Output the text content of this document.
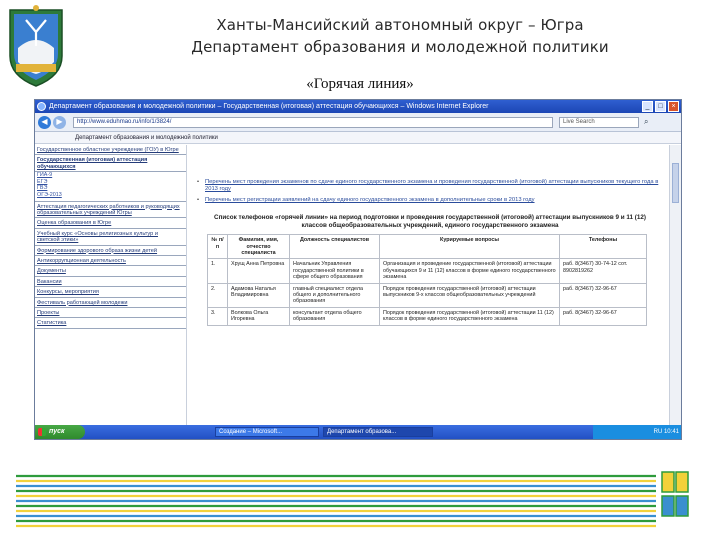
Ханты-Мансийский автономный округ – Югра
Департамент образования и молодежной политики
«Горячая линия»
Департамент образования и молодежной политики – Государственная (итоговая) аттестация обучающихся – Windows Internet Explorer	_	□	×
◀	▶	http://www.eduhmao.ru/info/1/3824/	Live Search	⌕
Департамент образования и молодежной политики
Государственное областное учреждение (ГОУ) в Югре
Государственная (итоговая) аттестация обучающихся
ГИА-9
ЕГЭ
ГВЭ
ОГЭ-2013
Аттестация педагогических работников и руководящих образовательных учреждений Югры
Оценка образования в Югре
Учебный курс «Основы религиозных культур и светской этики»
Формирование здорового образа жизни детей
Антикоррупционная деятельность
Документы
Вакансии
Конкурсы, мероприятия
Фестиваль работающей молодежи
Проекты
Статистика
• Перечень мест проведения экзаменов по сдаче единого государственного экзамена и проведения государственной (итоговой) аттестации выпускников текущего года в 2013 году
• Перечень мест регистрации заявлений на сдачу единого государственного экзамена в дополнительные сроки в 2013 году
Список телефонов «горячей линии» на период подготовки и проведения государственной (итоговой) аттестации выпускников 9 и 11 (12) классов общеобразовательных учреждений, единого государственного экзамена
№ п/п	Фамилия, имя, отчество специалиста	Должность специалистов	Курируемые вопросы	Телефоны
1.	Хрущ Анна Петровна	Начальник Управления государственной политики в сфере общего образования	Организация и проведение государственной (итоговой) аттестации обучающихся 9 и 11 (12) классов в форме единого государственного экзамена	раб. 8(3467) 30-74-12 сот. 8902819262
2.	Адамова Наталья Владимировна	главный специалист отдела общего и дополнительного образования	Порядок проведения государственной (итоговой) аттестации выпускников 9-х классов общеобразовательных учреждений	раб. 8(3467) 32-96-67
3.	Волкова Ольга Игоревна	консультант отдела общего образования	Порядок проведения государственной (итоговой) аттестации 11 (12) классов в форме единого государственного экзамена	раб. 8(3467) 32-96-67
пуск	Создание – Microsoft...	Департамент образова...	RU 10:41
